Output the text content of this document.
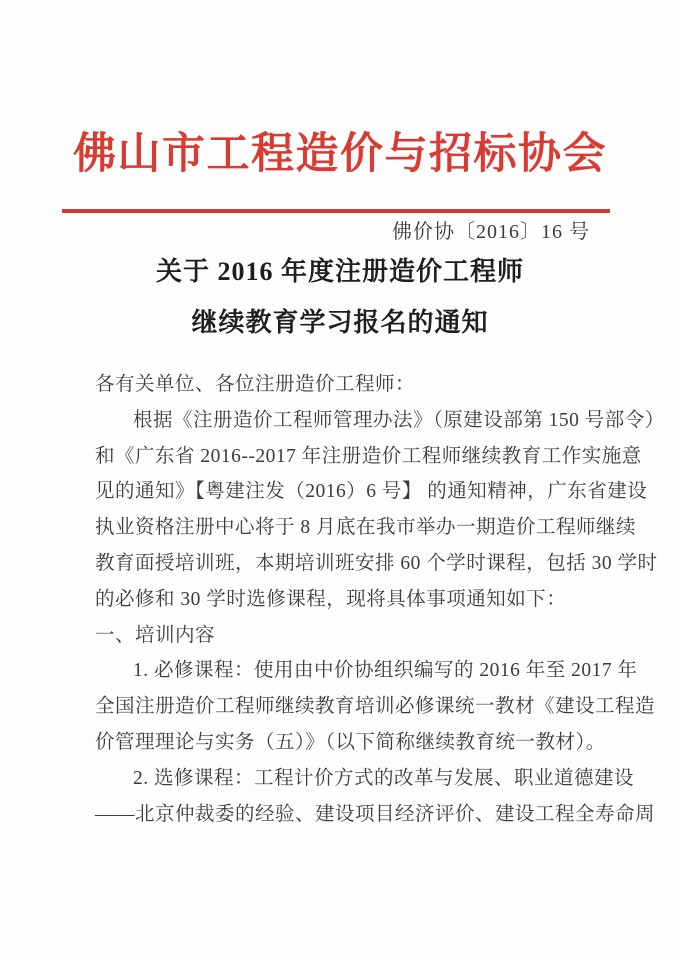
佛山市工程造价与招标协会
佛价协〔2016〕16 号
关于 2016 年度注册造价工程师
继续教育学习报名的通知
各有关单位、各位注册造价工程师：
根据《注册造价工程师管理办法》（原建设部第 150 号部令）
和《广东省 2016--2017 年注册造价工程师继续教育工作实施意
见的通知》【粤建注发（2016）6 号】 的通知精神，广东省建设
执业资格注册中心将于 8 月底在我市举办一期造价工程师继续
教育面授培训班，本期培训班安排 60 个学时课程，包括 30 学时
的必修和 30 学时选修课程，现将具体事项通知如下：
一、培训内容
1. 必修课程：使用由中价协组织编写的 2016 年至 2017 年
全国注册造价工程师继续教育培训必修课统一教材《建设工程造
价管理理论与实务（五）》（以下简称继续教育统一教材）。
2. 选修课程：工程计价方式的改革与发展、职业道德建设
——北京仲裁委的经验、建设项目经济评价、建设工程全寿命周
